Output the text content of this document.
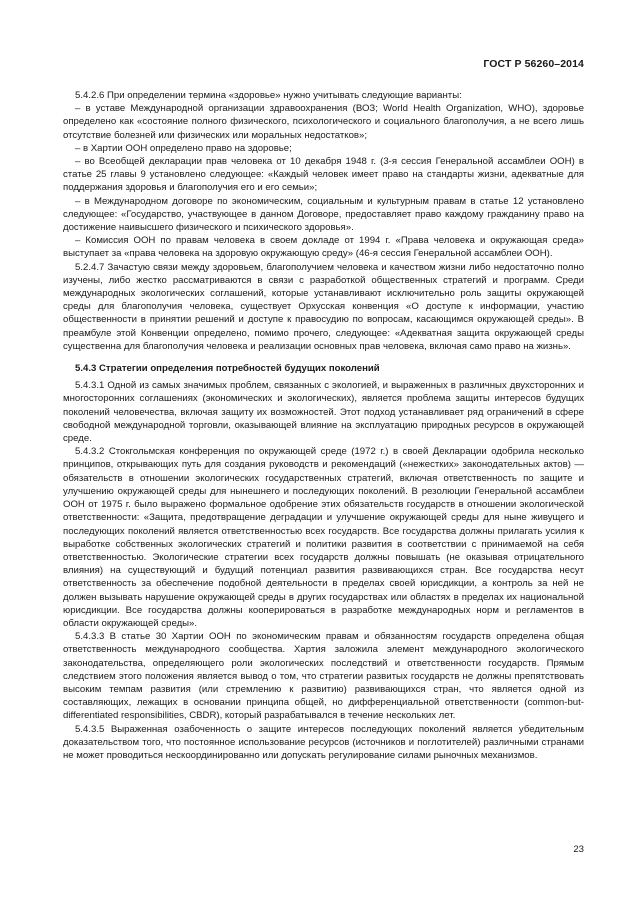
ГОСТ Р 56260–2014

5.4.2.6 При определении термина «здоровье» нужно учитывать следующие варианты:

– в уставе Международной организации здравоохранения (ВОЗ; World Health Organization, WHO), здоровье определено как «состояние полного физического, психологического и социального благополучия, а не всего лишь отсутствие болезней или физических или моральных недостатков»;

– в Хартии ООН определено право на здоровье;

– во Всеобщей декларации прав человека от 10 декабря 1948 г. (3-я сессия Генеральной ассамблеи ООН) в статье 25 главы 9 установлено следующее: «Каждый человек имеет право на стандарты жизни, адекватные для поддержания здоровья и благополучия его и его семьи»;

– в Международном договоре по экономическим, социальным и культурным правам в статье 12 установлено следующее: «Государство, участвующее в данном Договоре, предоставляет право каждому гражданину право на достижение наивысшего физического и психического здоровья».

– Комиссия ООН по правам человека в своем докладе от 1994 г. «Права человека и окружающая среда» выступает за «права человека на здоровую окружающую среду» (46-я сессия Генеральной ассамблеи ООН).

5.2.4.7 Зачастую связи между здоровьем, благополучием человека и качеством жизни либо недостаточно полно изучены, либо жестко рассматриваются в связи с разработкой общественных стратегий и программ. Среди международных экологических соглашений, которые устанавливают исключительно роль защиты окружающей среды для благополучия человека, существует Орхусская конвенция «О доступе к информации, участию общественности в принятии решений и доступе к правосудию по вопросам, касающимся окружающей среды». В преамбуле этой Конвенции определено, помимо прочего, следующее: «Адекватная защита окружающей среды существенна для благополучия человека и реализации основных прав человека, включая само право на жизнь».

5.4.3 Стратегии определения потребностей будущих поколений

5.4.3.1 Одной из самых значимых проблем, связанных с экологией, и выраженных в различных двухсторонних и многосторонних соглашениях (экономических и экологических), является проблема защиты интересов будущих поколений человечества, включая защиту их возможностей. Этот подход устанавливает ряд ограничений в сфере свободной международной торговли, оказывающей влияние на эксплуатацию природных ресурсов в окружающей среде.

5.4.3.2 Стокгольмская конференция по окружающей среде (1972 г.) в своей Декларации одобрила несколько принципов, открывающих путь для создания руководств и рекомендаций («нежестких» законодательных актов) — обязательств в отношении экологических государственных стратегий, включая ответственность по защите и улучшению окружающей среды для нынешнего и последующих поколений. В резолюции Генеральной ассамблеи ООН от 1975 г. было выражено формальное одобрение этих обязательств государств в отношении экологической ответственности: «Защита, предотвращение деградации и улучшение окружающей среды для ныне живущего и последующих поколений является ответственностью всех государств. Все государства должны прилагать усилия к выработке собственных экологических стратегий и политики развития в соответствии с принимаемой на себя ответственностью. Экологические стратегии всех государств должны повышать (не оказывая отрицательного влияния) на существующий и будущий потенциал развития развивающихся стран. Все государства несут ответственность за обеспечение подобной деятельности в пределах своей юрисдикции, а контроль за ней не должен вызывать нарушение окружающей среды в других государствах или областях в пределах их национальной юрисдикции. Все государства должны кооперироваться в разработке международных норм и регламентов в области окружающей среды».

5.4.3.3 В статье 30 Хартии ООН по экономическим правам и обязанностям государств определена общая ответственность международного сообщества. Хартия заложила элемент международного экологического законодательства, определяющего роли экологических последствий и ответственности государств. Прямым следствием этого положения является вывод о том, что стратегии развитых государств не должны препятствовать высоким темпам развития (или стремлению к развитию) развивающихся стран, что является одной из составляющих, лежащих в основании принципа общей, но дифференциальной ответственности (common-but-differentiated responsibilities, CBDR), который разрабатывался в течение нескольких лет.

5.4.3.5 Выраженная озабоченность о защите интересов последующих поколений является убедительным доказательством того, что постоянное использование ресурсов (источников и поглотителей) различными странами не может проводиться нескоординированно или допускать регулирование силами рыночных механизмов.

23
